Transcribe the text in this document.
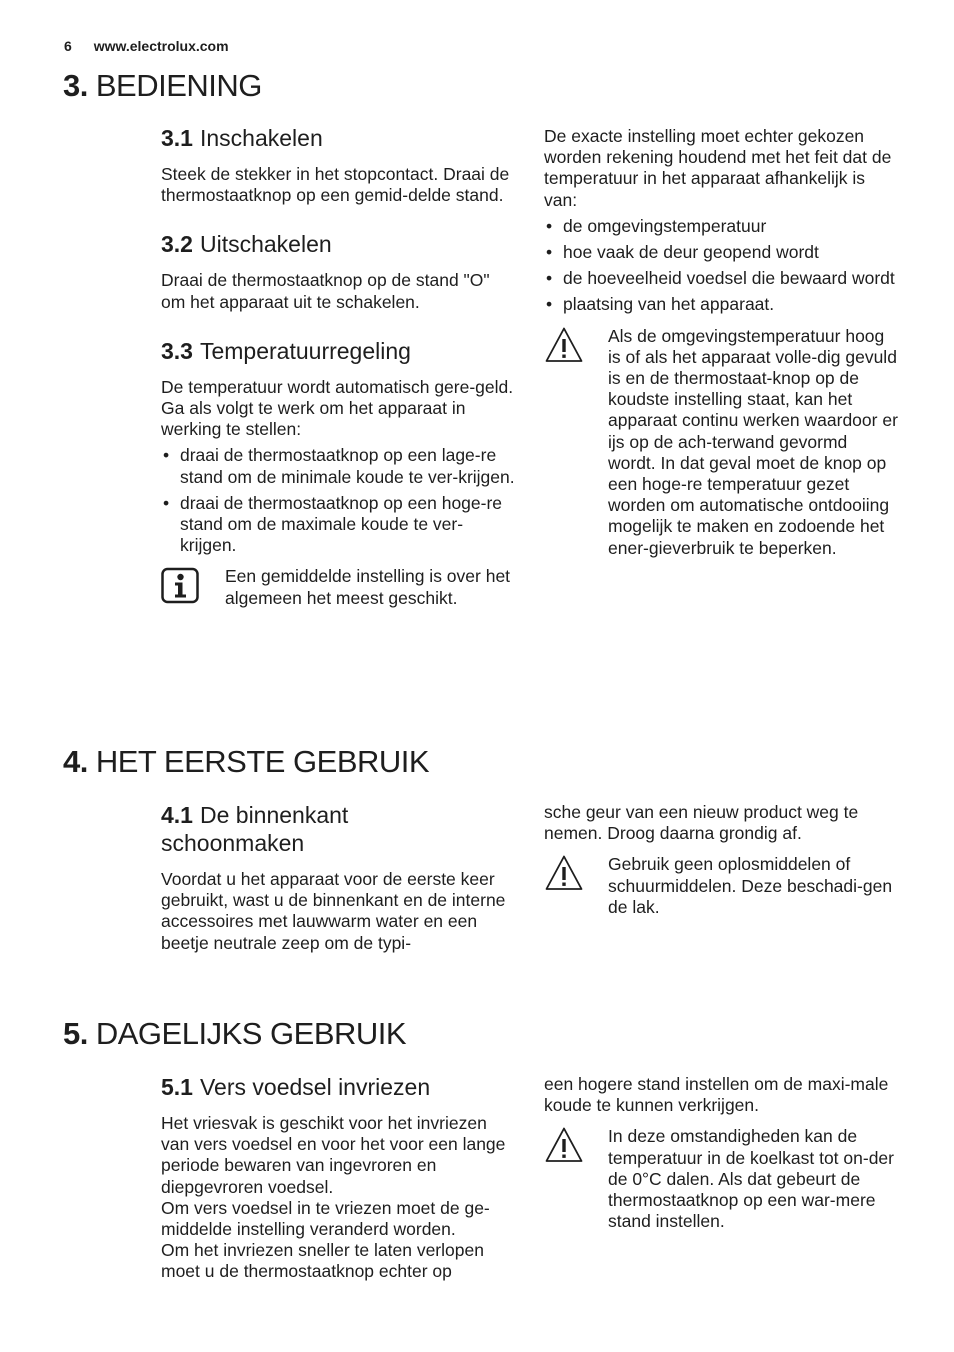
6 www.electrolux.com
3. BEDIENING
3.1 Inschakelen

Steek de stekker in het stopcontact. Draai de thermostaatknop op een gemid-delde stand.

3.2 Uitschakelen

Draai de thermostaatknop op de stand "O" om het apparaat uit te schakelen.

3.3 Temperatuurregeling

De temperatuur wordt automatisch gere-geld.

Ga als volgt te werk om het apparaat in werking te stellen:

• draai de thermostaatknop op een lage-re stand om de minimale koude te ver-krijgen.
• draai de thermostaatknop op een hoge-re stand om de maximale koude te ver-krijgen.

Een gemiddelde instelling is over het algemeen het meest geschikt.

De exacte instelling moet echter gekozen worden rekening houdend met het feit dat de temperatuur in het apparaat afhankelijk is van:

• de omgevingstemperatuur
• hoe vaak de deur geopend wordt
• de hoeveelheid voedsel die bewaard wordt
• plaatsing van het apparaat.

Als de omgevingstemperatuur hoog is of als het apparaat volle-dig gevuld is en de thermostaat-knop op de koudste instelling staat, kan het apparaat continu werken waardoor er ijs op de ach-terwand gevormd wordt. In dat geval moet de knop op een hoge-re temperatuur gezet worden om automatische ontdooiing mogelijk te maken en zodoende het ener-gieverbruik te beperken.

4. HET EERSTE GEBRUIK
4.1 De binnenkant schoonmaken

Voordat u het apparaat voor de eerste keer gebruikt, wast u de binnenkant en de interne accessoires met lauwwarm water en een beetje neutrale zeep om de typi-

sche geur van een nieuw product weg te nemen. Droog daarna grondig af.

Gebruik geen oplosmiddelen of schuurmiddelen. Deze beschadi-gen de lak.

5. DAGELIJKS GEBRUIK
5.1 Vers voedsel invriezen

Het vriesvak is geschikt voor het invriezen van vers voedsel en voor het voor een lange periode bewaren van ingevroren en diepgevroren voedsel.

Om vers voedsel in te vriezen moet de ge-middelde instelling veranderd worden.

Om het invriezen sneller te laten verlopen moet u de thermostaatknop echter op

een hogere stand instellen om de maxi-male koude te kunnen verkrijgen.

In deze omstandigheden kan de temperatuur in de koelkast tot on-der de 0°C dalen. Als dat gebeurt de thermostaatknop op een war-mere stand instellen.
